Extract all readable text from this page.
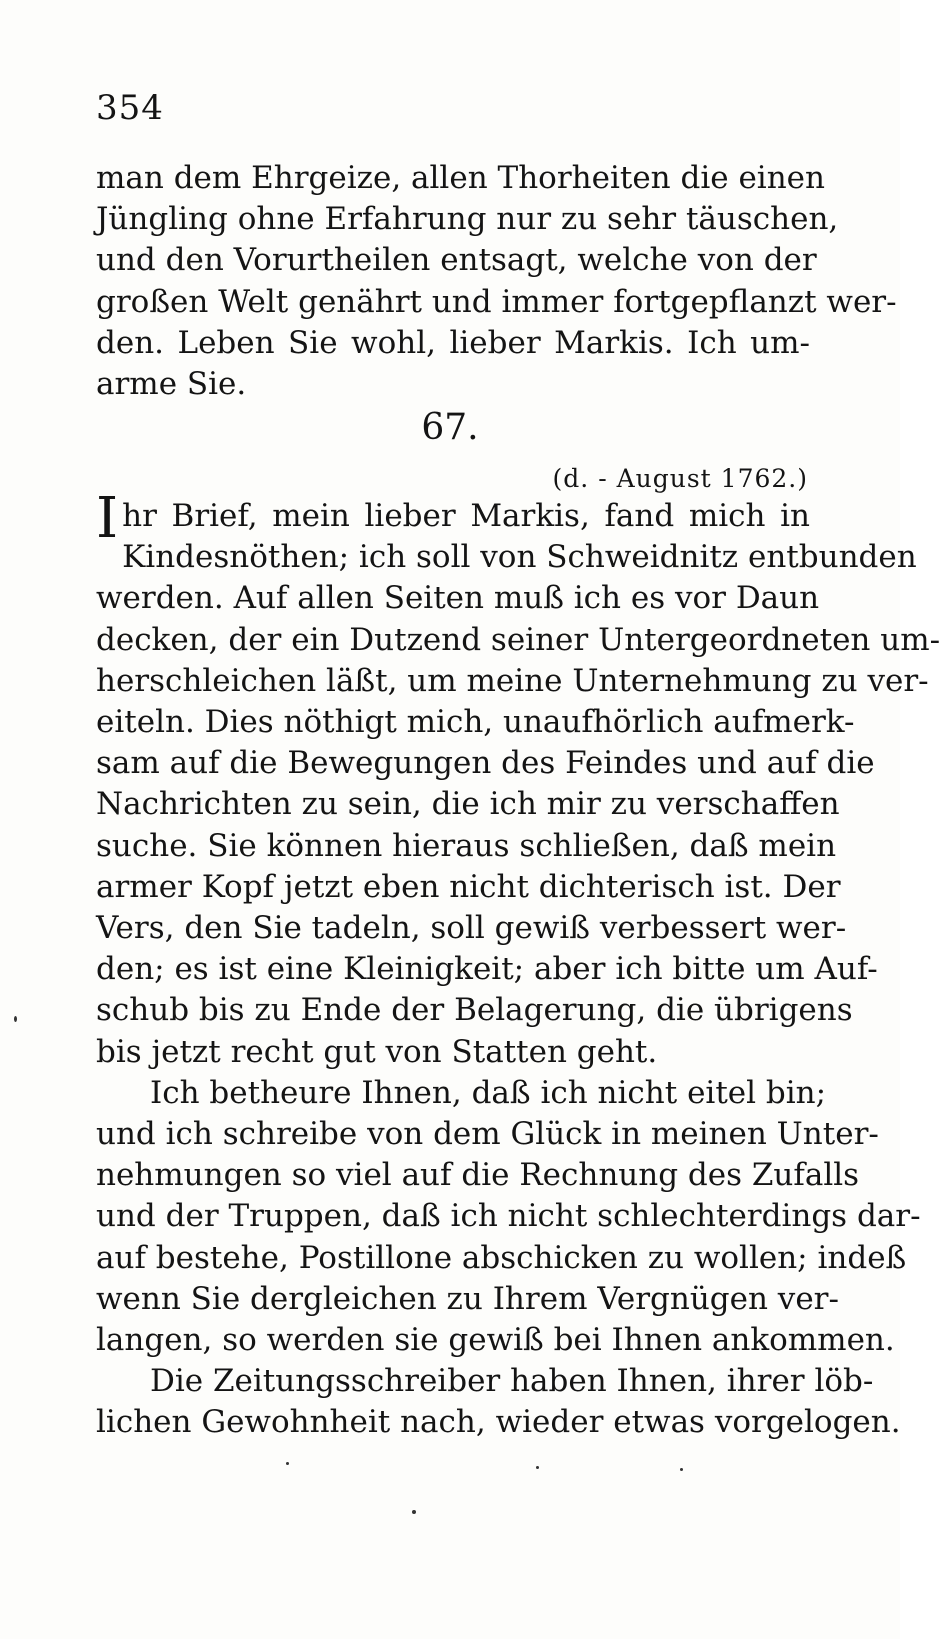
354
man dem Ehrgeize, allen Thorheiten die einen
Jüngling ohne Erfahrung nur zu sehr täuschen,
und den Vorurtheilen entsagt, welche von der
großen Welt genährt und immer fortgepflanzt wer-
den. Leben Sie wohl, lieber Markis. Ich um-
arme Sie.
67.
(d. - August 1762.)
Ihr Brief, mein lieber Markis, fand mich in
Kindesnöthen; ich soll von Schweidnitz entbunden
werden. Auf allen Seiten muß ich es vor Daun
decken, der ein Dutzend seiner Untergeordneten um-
herschleichen läßt, um meine Unternehmung zu ver-
eiteln. Dies nöthigt mich, unaufhörlich aufmerk-
sam auf die Bewegungen des Feindes und auf die
Nachrichten zu sein, die ich mir zu verschaffen
suche. Sie können hieraus schließen, daß mein
armer Kopf jetzt eben nicht dichterisch ist. Der
Vers, den Sie tadeln, soll gewiß verbessert wer-
den; es ist eine Kleinigkeit; aber ich bitte um Auf-
schub bis zu Ende der Belagerung, die übrigens
bis jetzt recht gut von Statten geht.
Ich betheure Ihnen, daß ich nicht eitel bin;
und ich schreibe von dem Glück in meinen Unter-
nehmungen so viel auf die Rechnung des Zufalls
und der Truppen, daß ich nicht schlechterdings dar-
auf bestehe, Postillone abschicken zu wollen; indeß
wenn Sie dergleichen zu Ihrem Vergnügen ver-
langen, so werden sie gewiß bei Ihnen ankommen.
Die Zeitungsschreiber haben Ihnen, ihrer löb-
lichen Gewohnheit nach, wieder etwas vorgelogen.
